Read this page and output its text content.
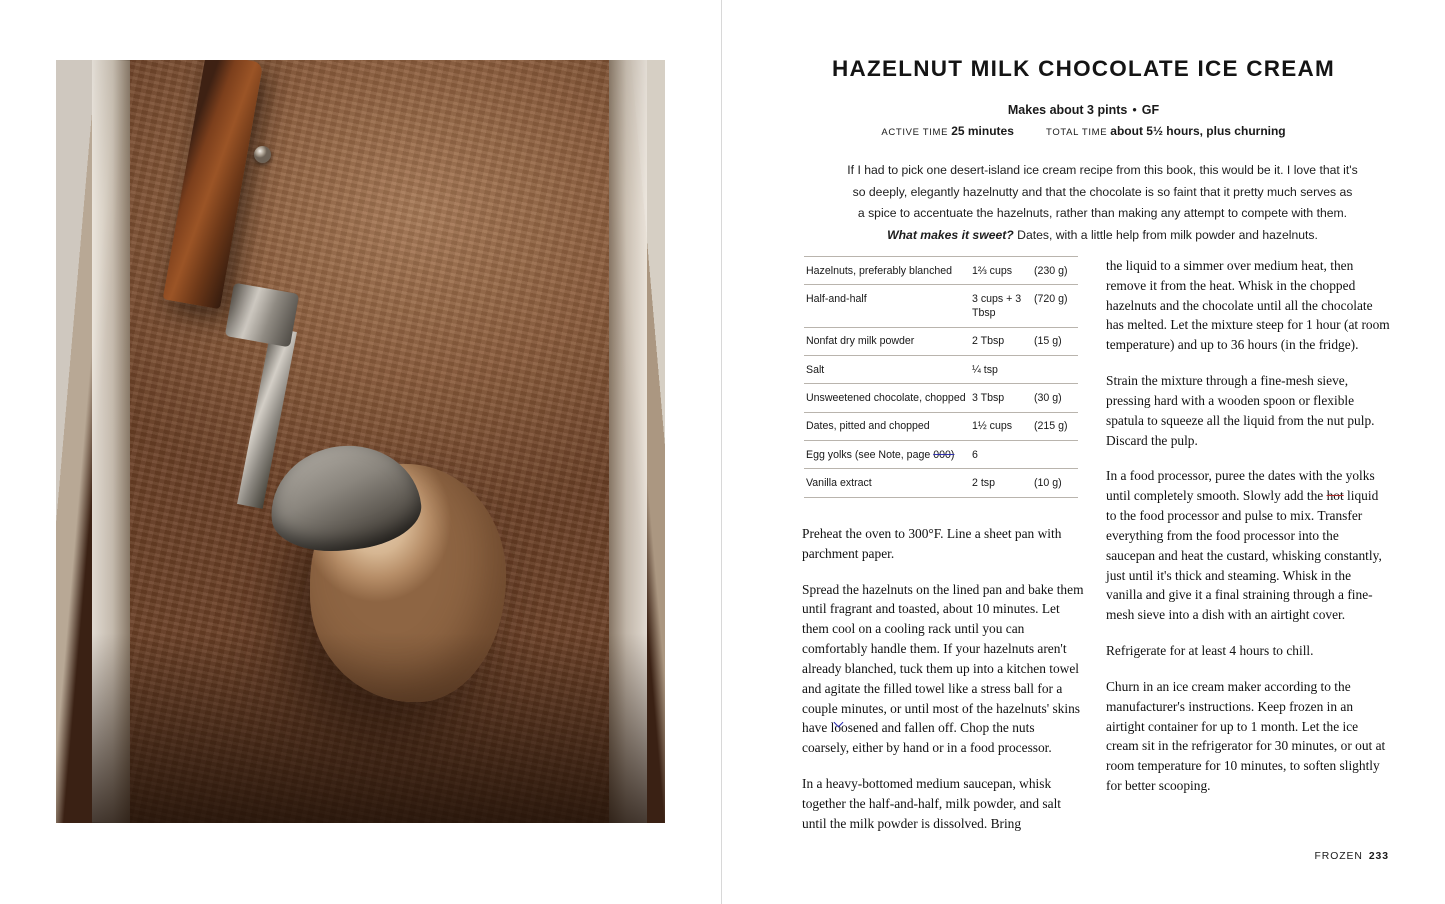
HAZELNUT MILK CHOCOLATE ICE CREAM
Makes about 3 pints • GF
ACTIVE TIME 25 minutes	TOTAL TIME about 5½ hours, plus churning
If I had to pick one desert-island ice cream recipe from this book, this would be it. I love that it's
so deeply, elegantly hazelnutty and that the chocolate is so faint that it pretty much serves as
a spice to accentuate the hazelnuts, rather than making any attempt to compete with them.
What makes it sweet? Dates, with a little help from milk powder and hazelnuts.
Hazelnuts, preferably blanched	1⅔ cups	(230 g)
Half-and-half	3 cups + 3 Tbsp	(720 g)
Nonfat dry milk powder	2 Tbsp	(15 g)
Salt	¼ tsp	
Unsweetened chocolate, chopped	3 Tbsp	(30 g)
Dates, pitted and chopped	1½ cups	(215 g)
Egg yolks (see Note, page 000)	6	
Vanilla extract	2 tsp	(10 g)

Preheat the oven to 300°F. Line a sheet pan with parchment paper.

Spread the hazelnuts on the lined pan and bake them until fragrant and toasted, about 10 minutes. Let them cool on a cooling rack until you can comfortably handle them. If your hazelnuts aren't already blanched, tuck them up into a kitchen towel and agitate the filled towel like a stress ball for a couple minutes, or until most of the hazelnuts' skins have loosened and fallen off. Chop the nuts coarsely, either by hand or in a food processor.

In a heavy-bottomed medium saucepan, whisk together the half-and-half, milk powder, and salt until the milk powder is dissolved. Bring

the liquid to a simmer over medium heat, then remove it from the heat. Whisk in the chopped hazelnuts and the chocolate until all the chocolate has melted. Let the mixture steep for 1 hour (at room temperature) and up to 36 hours (in the fridge).

Strain the mixture through a fine-mesh sieve, pressing hard with a wooden spoon or flexible spatula to squeeze all the liquid from the nut pulp. Discard the pulp.

In a food processor, puree the dates with the yolks until completely smooth. Slowly add the hot liquid to the food processor and pulse to mix. Transfer everything from the food processor into the saucepan and heat the custard, whisking constantly, just until it's thick and steaming. Whisk in the vanilla and give it a final straining through a fine-mesh sieve into a dish with an airtight cover.

Refrigerate for at least 4 hours to chill.

Churn in an ice cream maker according to the manufacturer's instructions. Keep frozen in an airtight container for up to 1 month. Let the ice cream sit in the refrigerator for 30 minutes, or out at room temperature for 10 minutes, to soften slightly for better scooping.

FROZEN 233
